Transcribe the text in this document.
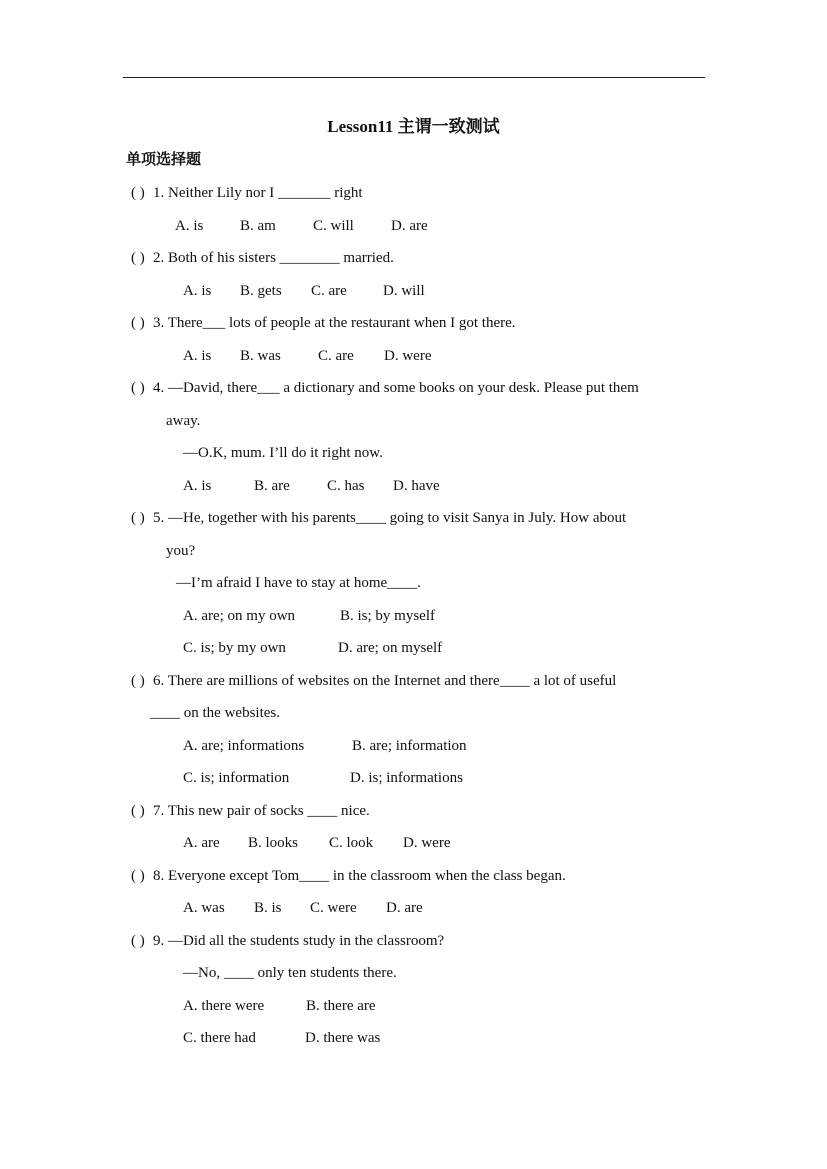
Lesson11 主谓一致测试
单项选择题
( ) 1. Neither Lily nor I _______ right
A. is B. am C. will D. are
( ) 2. Both of his sisters ________ married.
A. is B. gets C. are D. will
( ) 3. There___ lots of people at the restaurant when I got there.
A. is B. was C. are D. were
( ) 4. —David, there___ a dictionary and some books on your desk. Please put them
away.
—O.K, mum. I’ll do it right now.
A. is	B. are C. has D. have
( ) 5. —He, together with his parents____ going to visit Sanya in July. How about
you?
—I’m afraid I have to stay at home____.
A. are; on my own	B. is; by myself
C. is; by my own	D. are; on myself
( ) 6. There are millions of websites on the Internet and there____ a lot of useful
____ on the websites.
A. are; informations	B. are; information
C. is; information	D. is; informations
( ) 7. This new pair of socks ____ nice.
A. are B. looks C. look D. were
( ) 8. Everyone except Tom____ in the classroom when the class began.
A. was B. is C. were D. are
( ) 9. —Did all the students study in the classroom?
—No, ____ only ten students there.
A. there were	B. there are
C. there had	D. there was
